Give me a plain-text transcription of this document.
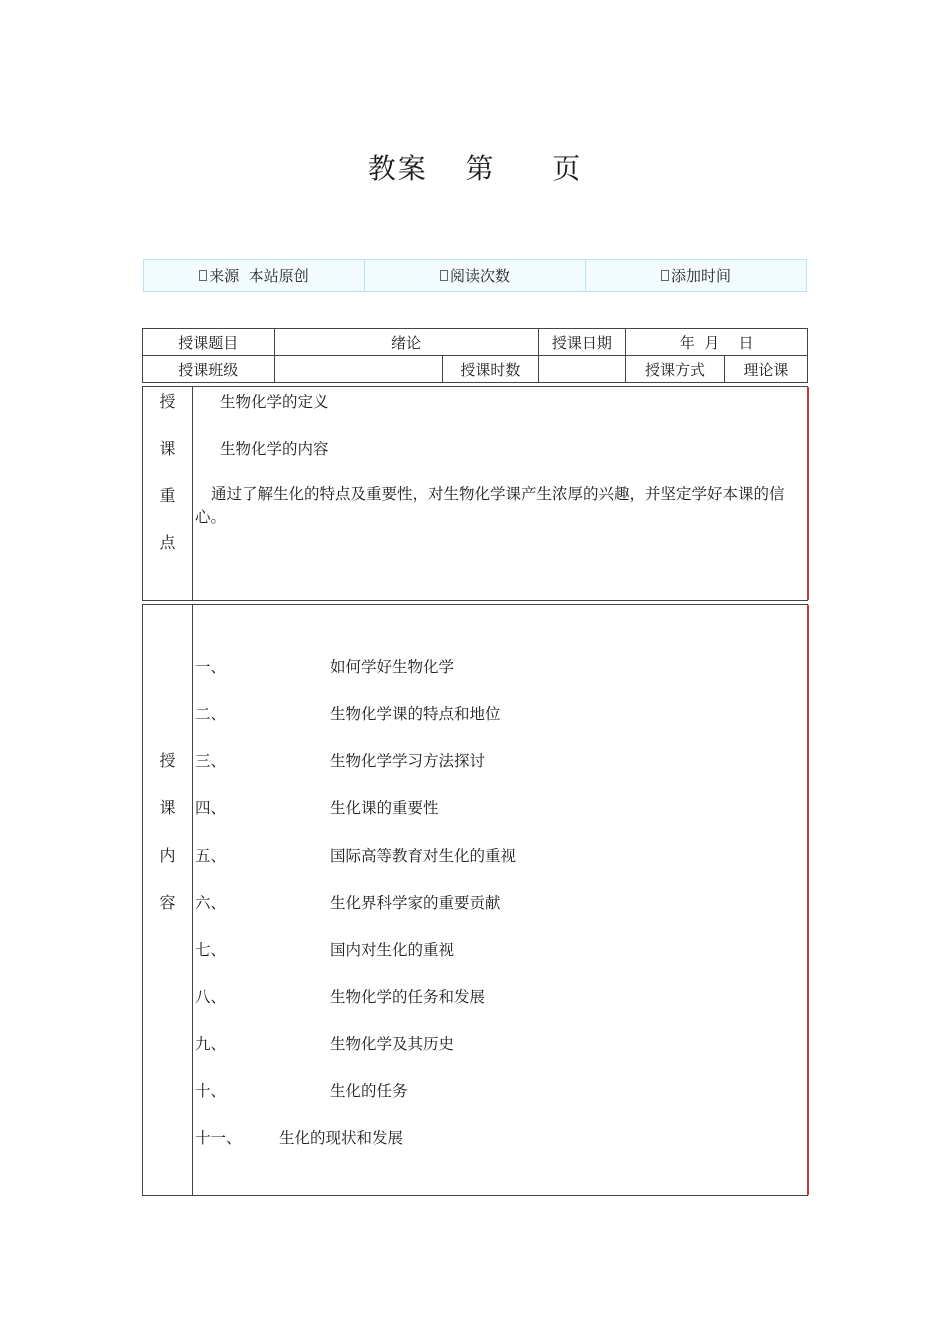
教案  第   页
来源  本站原创	阅读次数	添加时间
授课题目	绪论		授课日期	年  月    日	
授课班级		授课时数		授课方式	理论课
授
课
重
点
生物化学的定义
生物化学的内容
通过了解生化的特点及重要性，对生物化学课产生浓厚的兴趣，并坚定学好本课的信心。
授
课
内
容
一、	如何学好生物化学
二、	生物化学课的特点和地位
三、	生物化学学习方法探讨
四、	生化课的重要性
五、	国际高等教育对生化的重视
六、	生化界科学家的重要贡献
七、	国内对生化的重视
八、	生物化学的任务和发展
九、	生物化学及其历史
十、	生化的任务
十一、	生化的现状和发展
